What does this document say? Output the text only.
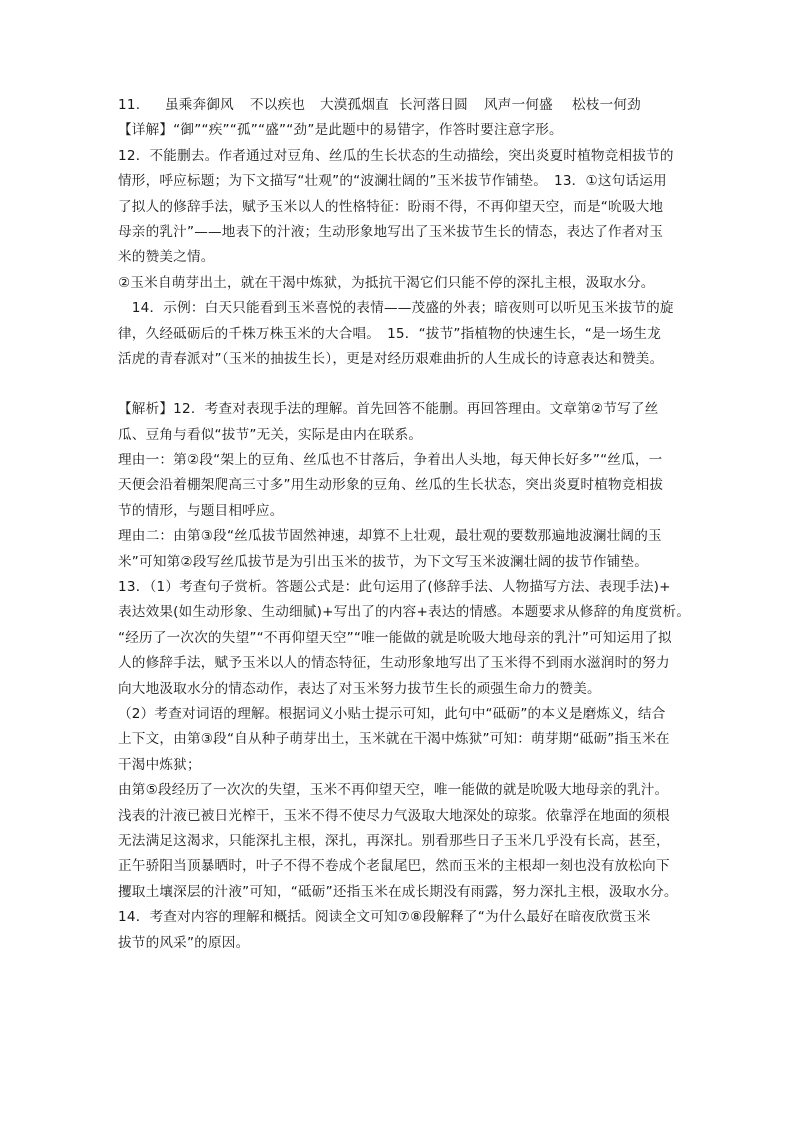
11. 虽乘奔御风 不以疾也 大漠孤烟直 长河落日圆 风声一何盛 松枝一何劲
【详解】“御”“疾”“孤”“盛”“劲”是此题中的易错字，作答时要注意字形。
12．不能删去。作者通过对豆角、丝瓜的生长状态的生动描绘，突出炎夏时植物竞相拔节的
情形，呼应标题；为下文描写“壮观”的“波澜壮阔的”玉米拔节作铺垫。　13．①这句话运用
了拟人的修辞手法，赋予玉米以人的性格特征：盼雨不得，不再仰望天空，而是“吮吸大地
母亲的乳汁”——地表下的汁液；生动形象地写出了玉米拔节生长的情态，表达了作者对玉
米的赞美之情。
②玉米自萌芽出土，就在干渴中炼狱，为抵抗干渴它们只能不停的深扎主根，汲取水分。
　14．示例：白天只能看到玉米喜悦的表情——茂盛的外表；暗夜则可以听见玉米拔节的旋
律，久经砥砺后的千株万株玉米的大合唱。　15．“拔节”指植物的快速生长，“是一场生龙
活虎的青春派对”（玉米的抽拔生长），更是对经历艰难曲折的人生成长的诗意表达和赞美。
【解析】12．考查对表现手法的理解。首先回答不能删。再回答理由。文章第②节写了丝
瓜、豆角与看似“拔节”无关，实际是由内在联系。
理由一：第②段“架上的豆角、丝瓜也不甘落后，争着出人头地，每天伸长好多”“丝瓜，一
天便会沿着棚架爬高三寸多”用生动形象的豆角、丝瓜的生长状态，突出炎夏时植物竞相拔
节的情形，与题目相呼应。
理由二：由第③段“丝瓜拔节固然神速，却算不上壮观，最壮观的要数那遍地波澜壮阔的玉
米”可知第②段写丝瓜拔节是为引出玉米的拔节，为下文写玉米波澜壮阔的拔节作铺垫。
13．（1）考查句子赏析。答题公式是：此句运用了(修辞手法、人物描写方法、表现手法)+
表达效果(如生动形象、生动细腻)+写出了的内容+表达的情感。本题要求从修辞的角度赏析。
“经历了一次次的失望”“不再仰望天空”“唯一能做的就是吮吸大地母亲的乳汁”可知运用了拟
人的修辞手法，赋予玉米以人的情态特征，生动形象地写出了玉米得不到雨水滋润时的努力
向大地汲取水分的情态动作，表达了对玉米努力拔节生长的顽强生命力的赞美。
（2）考查对词语的理解。根据词义小贴士提示可知，此句中“砥砺”的本义是磨炼义，结合
上下文，由第③段“自从种子萌芽出土，玉米就在干渴中炼狱”可知：萌芽期“砥砺”指玉米在
干渴中炼狱；
由第⑤段经历了一次次的失望，玉米不再仰望天空，唯一能做的就是吮吸大地母亲的乳汁。
浅表的汁液已被日光榨干，玉米不得不使尽力气汲取大地深处的琼浆。依靠浮在地面的须根
无法满足这渴求，只能深扎主根，深扎，再深扎。别看那些日子玉米几乎没有长高，甚至，
正午骄阳当顶暴晒时，叶子不得不卷成个老鼠尾巴，然而玉米的主根却一刻也没有放松向下
攫取土壤深层的汁液”可知，“砥砺”还指玉米在成长期没有雨露，努力深扎主根，汲取水分。
14．考查对内容的理解和概括。阅读全文可知⑦⑧段解释了“为什么最好在暗夜欣赏玉米
拔节的风采”的原因。
